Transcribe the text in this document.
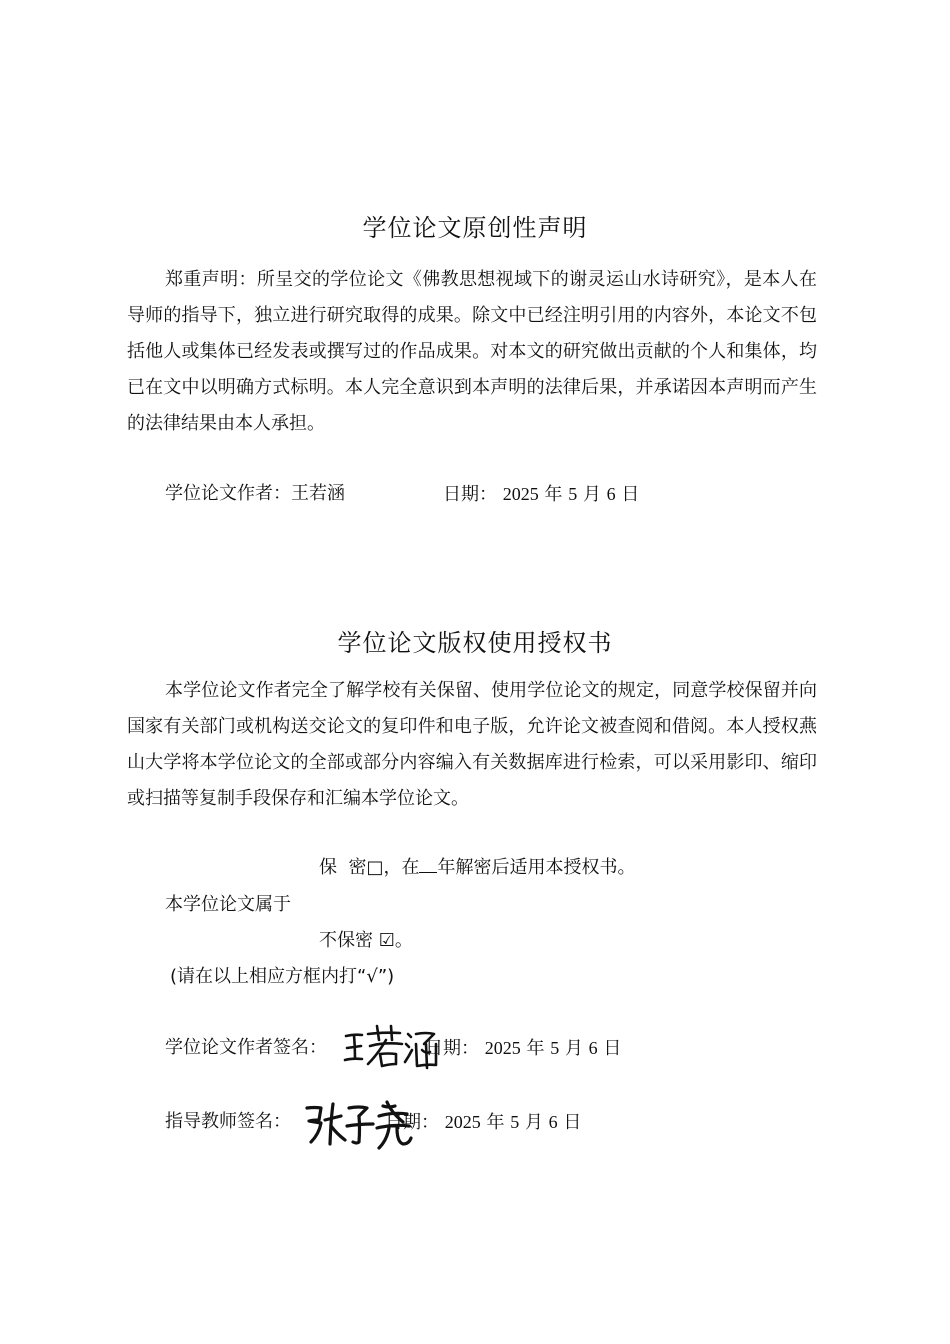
学位论文原创性声明

郑重声明：所呈交的学位论文《佛教思想视域下的谢灵运山水诗研究》，是本人在导师的指导下，独立进行研究取得的成果。除文中已经注明引用的内容外，本论文不包括他人或集体已经发表或撰写过的作品成果。对本文的研究做出贡献的个人和集体，均已在文中以明确方式标明。本人完全意识到本声明的法律后果，并承诺因本声明而产生的法律结果由本人承担。

学位论文作者：王若涵	日期： 2025 年 5 月 6 日
学位论文版权使用授权书

本学位论文作者完全了解学校有关保留、使用学位论文的规定，同意学校保留并向国家有关部门或机构送交论文的复印件和电子版，允许论文被查阅和借阅。本人授权燕山大学将本学位论文的全部或部分内容编入有关数据库进行检索，可以采用影印、缩印或扫描等复制手段保存和汇编本学位论文。

保  密□，在 年解密后适用本授权书。
本学位论文属于
不保密 ☑。
(请在以上相应方框内打“√”)
学位论文作者签名：	日期： 2025 年 5 月 6 日
指导教师签名：	日期： 2025 年 5 月 6 日
